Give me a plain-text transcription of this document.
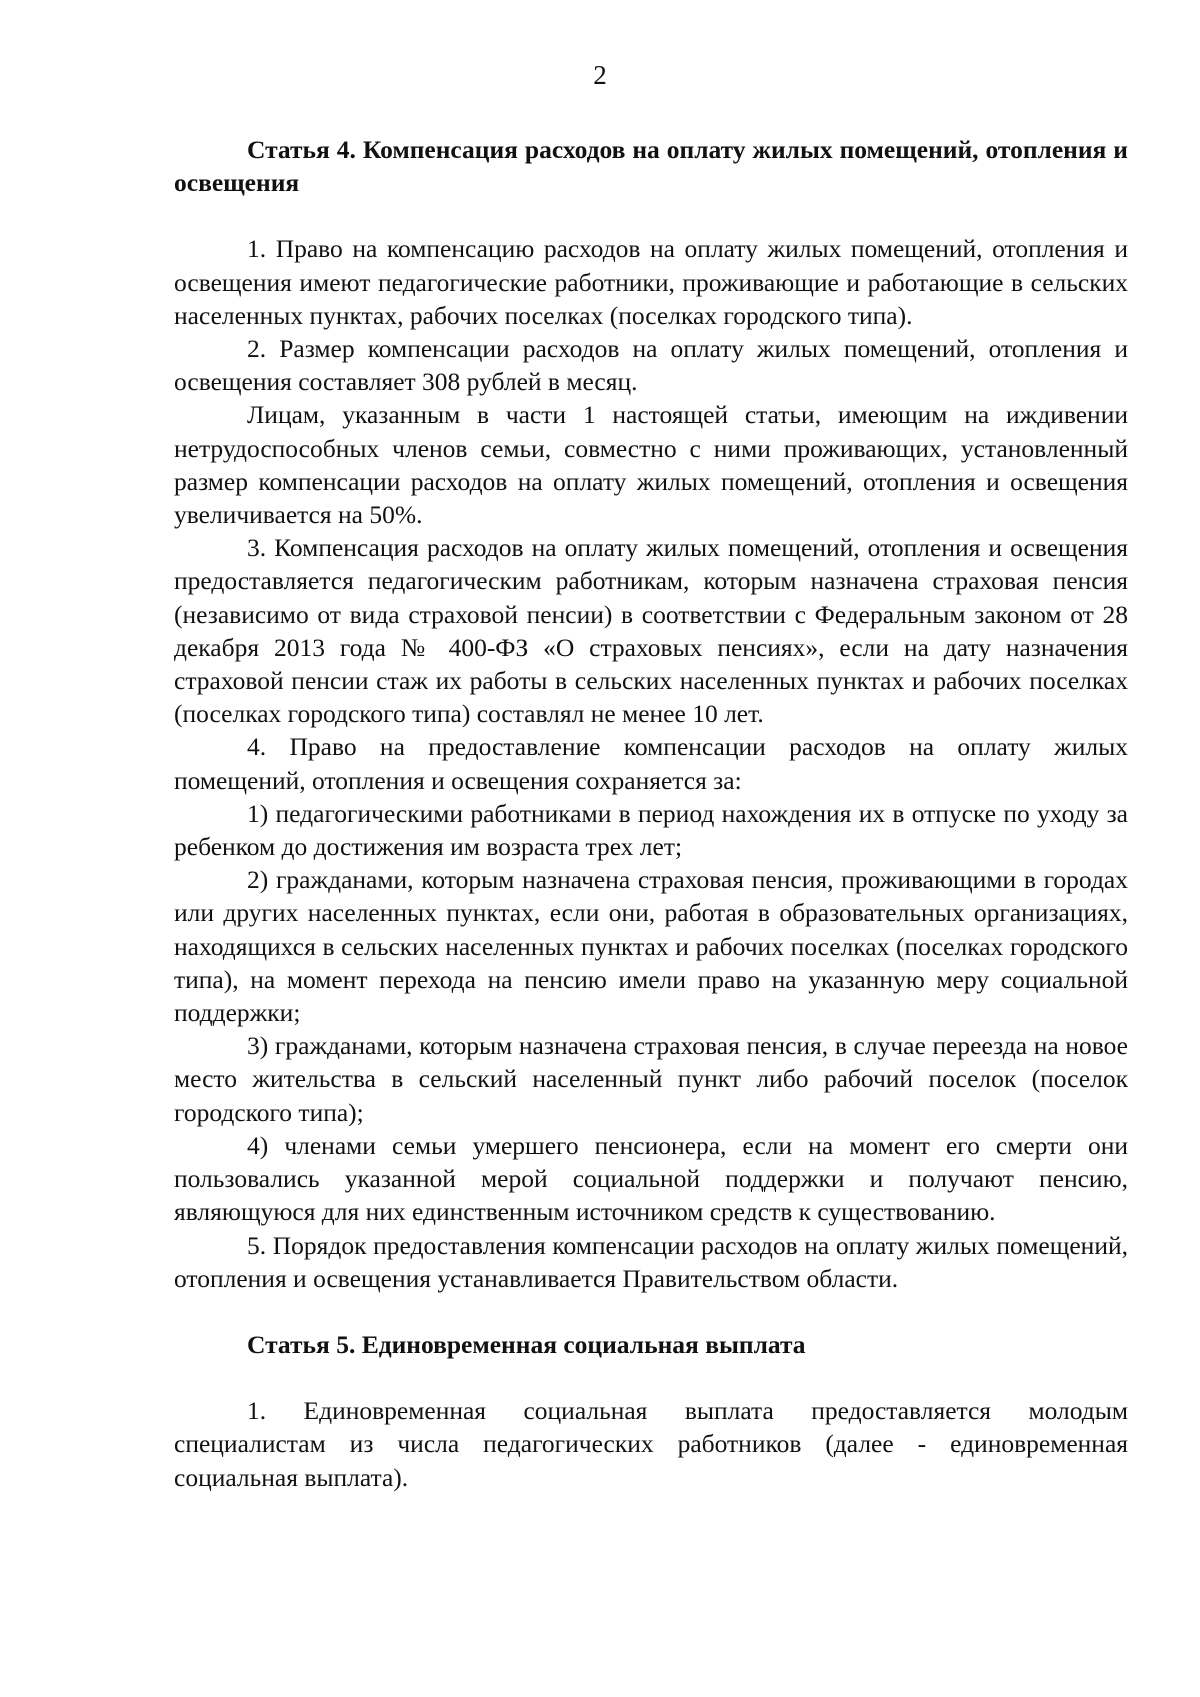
2

Статья 4. Компенсация расходов на оплату жилых помещений, отопления и освещения

1. Право на компенсацию расходов на оплату жилых помещений, отопления и освещения имеют педагогические работники, проживающие и работающие в сельских населенных пунктах, рабочих поселках (поселках городского типа).

2. Размер компенсации расходов на оплату жилых помещений, отопления и освещения составляет 308 рублей в месяц.

Лицам, указанным в части 1 настоящей статьи, имеющим на иждивении нетрудоспособных членов семьи, совместно с ними проживающих, установленный размер компенсации расходов на оплату жилых помещений, отопления и освещения увеличивается на 50%.

3. Компенсация расходов на оплату жилых помещений, отопления и освещения предоставляется педагогическим работникам, которым назначена страховая пенсия (независимо от вида страховой пенсии) в соответствии с Федеральным законом от 28 декабря 2013 года № 400-ФЗ «О страховых пенсиях», если на дату назначения страховой пенсии стаж их работы в сельских населенных пунктах и рабочих поселках (поселках городского типа) составлял не менее 10 лет.

4. Право на предоставление компенсации расходов на оплату жилых помещений, отопления и освещения сохраняется за:

1) педагогическими работниками в период нахождения их в отпуске по уходу за ребенком до достижения им возраста трех лет;

2) гражданами, которым назначена страховая пенсия, проживающими в городах или других населенных пунктах, если они, работая в образовательных организациях, находящихся в сельских населенных пунктах и рабочих поселках (поселках городского типа), на момент перехода на пенсию имели право на указанную меру социальной поддержки;

3) гражданами, которым назначена страховая пенсия, в случае переезда на новое место жительства в сельский населенный пункт либо рабочий поселок (поселок городского типа);

4) членами семьи умершего пенсионера, если на момент его смерти они пользовались указанной мерой социальной поддержки и получают пенсию, являющуюся для них единственным источником средств к существованию.

5. Порядок предоставления компенсации расходов на оплату жилых помещений, отопления и освещения устанавливается Правительством области.

Статья 5. Единовременная социальная выплата

1. Единовременная социальная выплата предоставляется молодым специалистам из числа педагогических работников (далее - единовременная социальная выплата).
